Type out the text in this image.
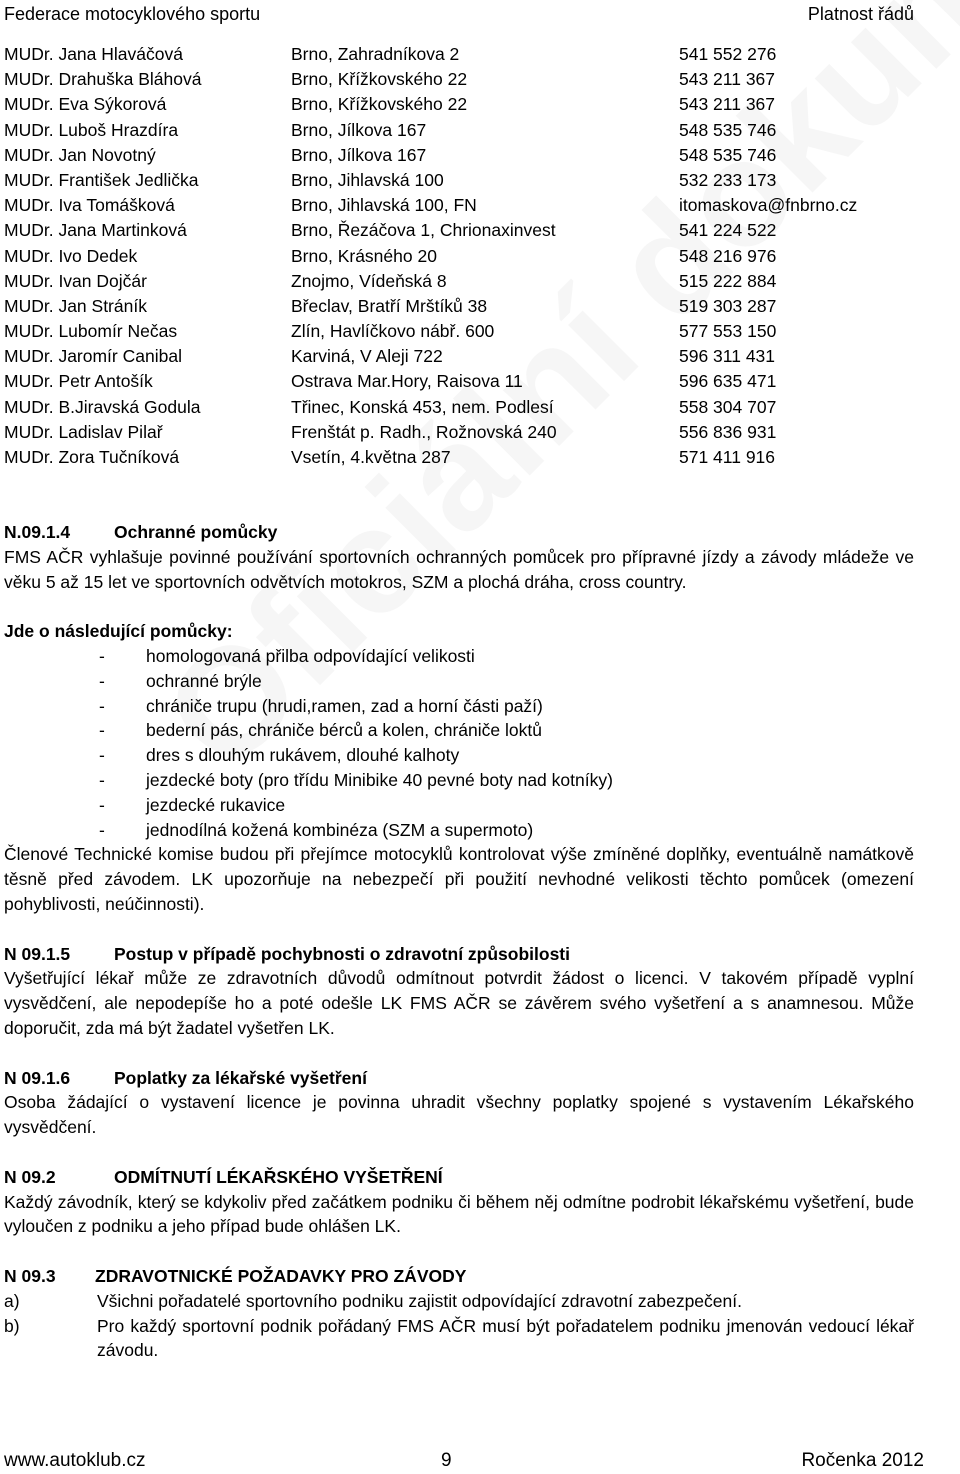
Federace motocyklového sportu	Platnost řádů
MUDr. Jana Hlaváčová	Brno, Zahradníkova 2	541 552 276
MUDr. Drahuška Bláhová	Brno, Křížkovského 22	543 211 367
MUDr. Eva Sýkorová	Brno, Křížkovského 22	543 211 367
MUDr. Luboš Hrazdíra	Brno, Jílkova 167	548 535 746
MUDr. Jan Novotný	Brno, Jílkova 167	548 535 746
MUDr. František Jedlička	Brno, Jihlavská 100	532 233 173
MUDr. Iva Tomášková	Brno, Jihlavská 100, FN	itomaskova@fnbrno.cz
MUDr. Jana Martinková	Brno, Řezáčova 1, Chrionaxinvest	541 224 522
MUDr. Ivo Dedek	Brno, Krásného 20	548 216 976
MUDr. Ivan Dojčár	Znojmo, Vídeňská 8	515 222 884
MUDr. Jan Stráník	Břeclav, Bratří Mrštíků 38	519 303 287
MUDr. Lubomír Nečas	Zlín, Havlíčkovo nábř. 600	577 553 150
MUDr. Jaromír Canibal	Karviná, V Aleji 722	596 311 431
MUDr. Petr Antošík	Ostrava Mar.Hory, Raisova 11	596 635 471
MUDr. B.Jiravská Godula	Třinec, Konská 453, nem. Podlesí	558 304 707
MUDr. Ladislav Pilař	Frenštát p. Radh., Rožnovská 240	556 836 931
MUDr. Zora Tučníková	Vsetín, 4.května 287	571 411 916
N.09.1.4	Ochranné pomůcky
FMS AČR vyhlašuje povinné používání sportovních ochranných pomůcek pro přípravné jízdy a závody mládeže ve věku 5 až 15 let ve sportovních odvětvích motokros, SZM a plochá dráha, cross country.
Jde o následující pomůcky:
- homologovaná přilba odpovídající velikosti
- ochranné brýle
- chrániče trupu (hrudi,ramen, zad a horní části paží)
- bederní pás, chrániče bérců a kolen, chrániče loktů
- dres s dlouhým rukávem, dlouhé kalhoty
- jezdecké boty (pro třídu Minibike 40 pevné boty nad kotníky)
- jezdecké rukavice
- jednodílná kožená kombinéza (SZM a supermoto)
Členové Technické komise budou při přejímce motocyklů kontrolovat výše zmíněné doplňky, eventuálně namátkově těsně před závodem. LK upozorňuje na nebezpečí při použití nevhodné velikosti těchto pomůcek (omezení pohyblivosti, neúčinnosti).
N 09.1.5	Postup v případě pochybnosti o zdravotní způsobilosti
Vyšetřující lékař může ze zdravotních důvodů odmítnout potvrdit žádost o licenci. V takovém případě vyplní vysvědčení, ale nepodepíše ho a poté odešle LK FMS AČR se závěrem svého vyšetření a s anamnesou. Může doporučit, zda má být žadatel vyšetřen LK.
N 09.1.6	Poplatky za lékařské vyšetření
Osoba žádající o vystavení licence je povinna uhradit všechny poplatky spojené s vystavením Lékařského vysvědčení.
N 09.2	ODMÍTNUTÍ LÉKAŘSKÉHO VYŠETŘENÍ
Každý závodník, který se kdykoliv před začátkem podniku či během něj odmítne podrobit lékařskému vyšetření, bude vyloučen z podniku a jeho případ bude ohlášen LK.
N 09.3 ZDRAVOTNICKÉ POŽADAVKY PRO ZÁVODY
a)	Všichni pořadatelé sportovního podniku zajistit odpovídající zdravotní zabezpečení.
b)	Pro každý sportovní podnik pořádaný FMS AČR musí být pořadatelem podniku jmenován vedoucí lékař závodu.
www.autoklub.cz	9	Ročenka 2012
